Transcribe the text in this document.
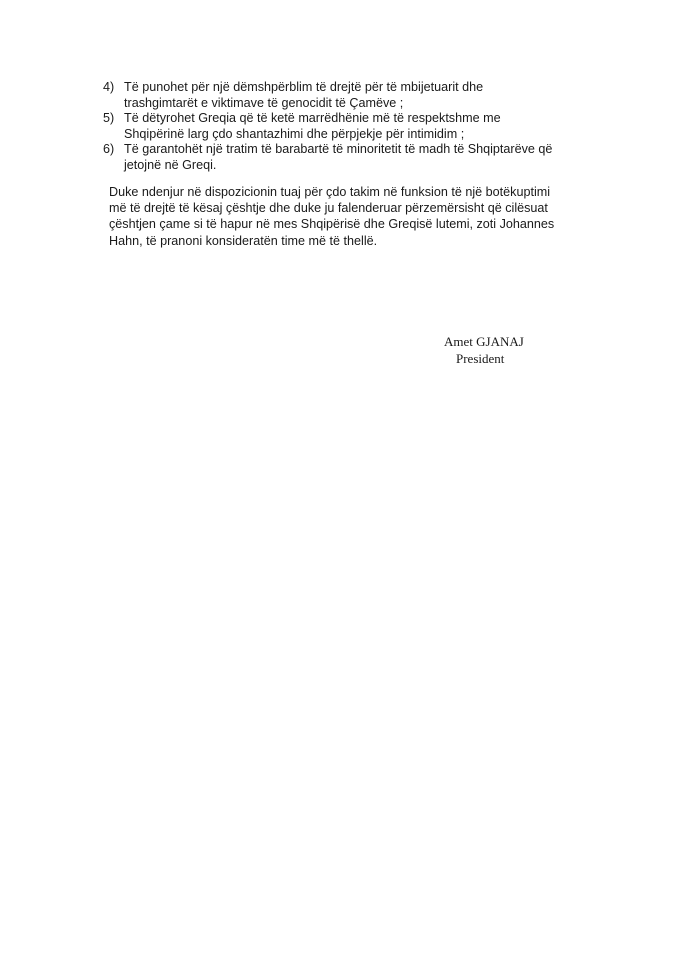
4) Të punohet për një dëmshpërblim të drejtë për të mbijetuarit dhe
trashgimtarët e viktimave të genocidit të Çamëve ;
5) Të dëtyrohet Greqia që të ketë marrëdhënie më të respektshme me
Shqipërinë larg çdo shantazhimi dhe përpjekje për intimidim ;
6) Të garantohët një tratim të barabartë të minoritetit të madh të Shqiptarëve që
jetojnë në Greqi.

Duke ndenjur në dispozicionin tuaj për çdo takim në funksion të një botëkuptimi
më të drejtë të kësaj çështje dhe duke ju falenderuar përzemërsisht që cilësuat
çështjen çame si të hapur në mes Shqipërisë dhe Greqisë lutemi, zoti Johannes
Hahn, të pranoni konsideratën time më të thellë.

Amet GJANAJ
President
